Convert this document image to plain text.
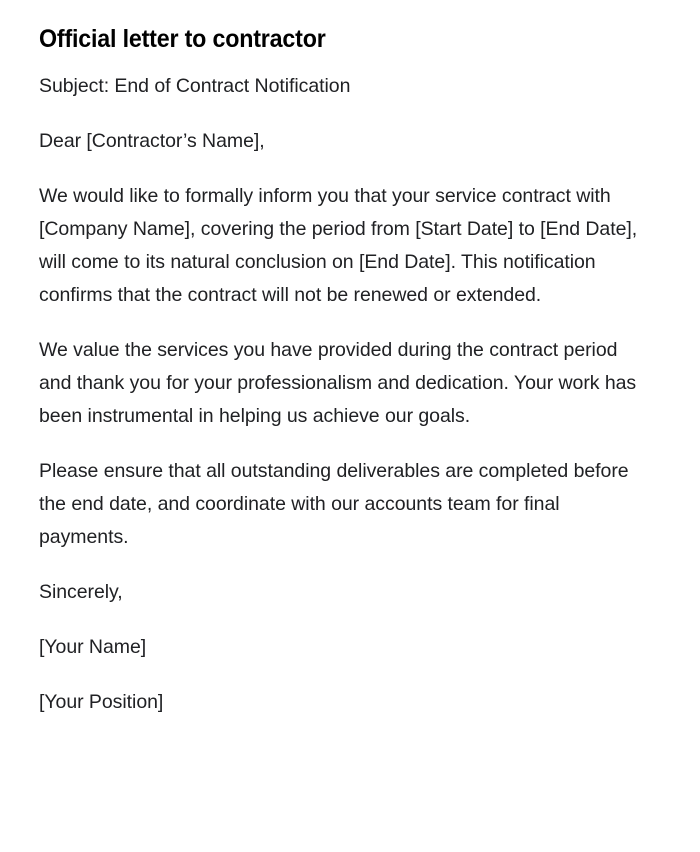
Official letter to contractor

Subject: End of Contract Notification

Dear [Contractor’s Name],

We would like to formally inform you that your service contract with [Company Name], covering the period from [Start Date] to [End Date], will come to its natural conclusion on [End Date]. This notification confirms that the contract will not be renewed or extended.

We value the services you have provided during the contract period and thank you for your professionalism and dedication. Your work has been instrumental in helping us achieve our goals.

Please ensure that all outstanding deliverables are completed before the end date, and coordinate with our accounts team for final payments.

Sincerely,

[Your Name]

[Your Position]
